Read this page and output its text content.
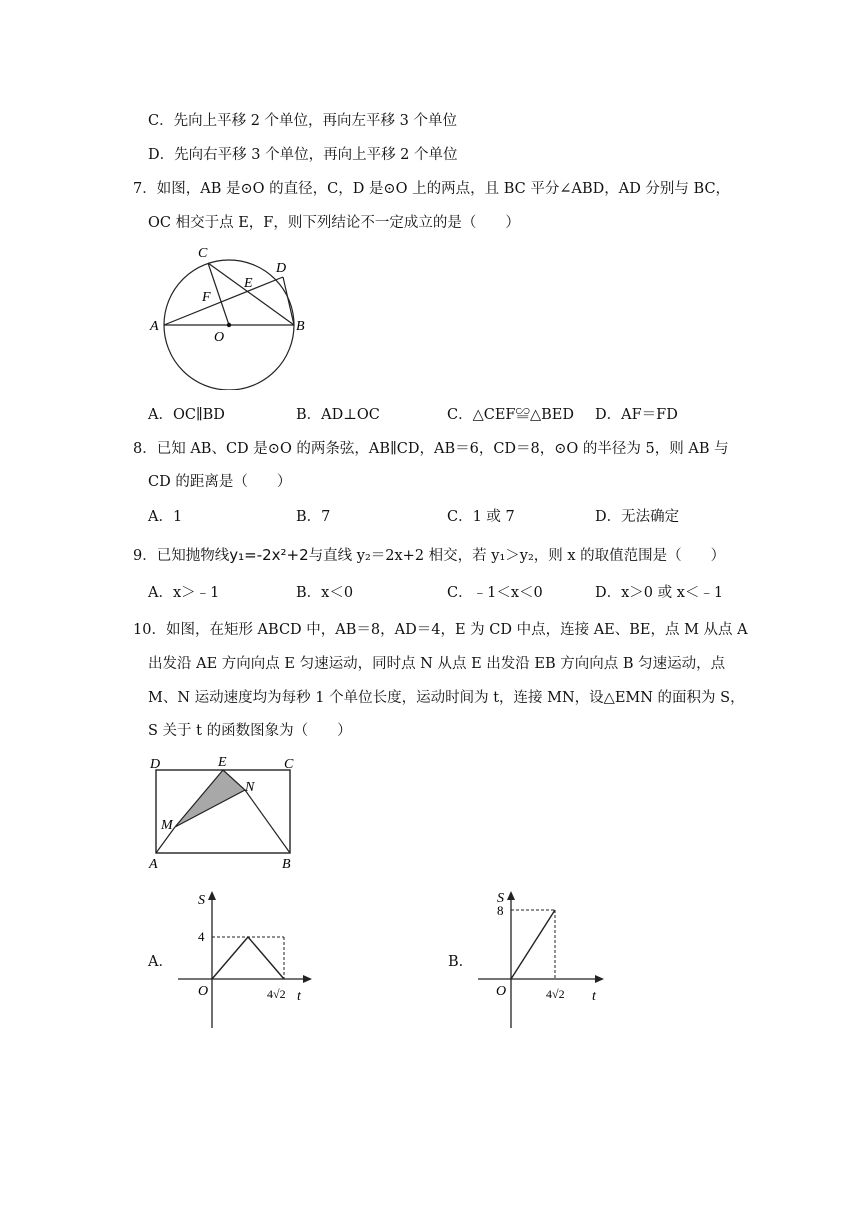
C．先向上平移 2 个单位，再向左平移 3 个单位
D．先向右平移 3 个单位，再向上平移 2 个单位
7．如图，AB 是⊙O 的直径，C，D 是⊙O 上的两点，且 BC 平分∠ABD，AD 分别与 BC，
OC 相交于点 E，F，则下列结论不一定成立的是（　　）
A	B
C
D
E
F
O
A．OC∥BD	B．AD⊥OC	C．△CEF≌△BED D．AF＝FD
8．已知 AB、CD 是⊙O 的两条弦，AB∥CD，AB＝6，CD＝8，⊙O 的半径为 5，则 AB 与
CD 的距离是（　　）
A．1	B．7	C．1 或 7	D．无法确定
9．已知抛物线y₁=-2x²+2与直线 y₂＝2x+2 相交，若 y₁＞y₂，则 x 的取值范围是（　　）
A．x＞﹣1	B．x＜0	C．﹣1＜x＜0	D．x＞0 或 x＜﹣1
10．如图，在矩形 ABCD 中，AB＝8，AD＝4，E 为 CD 中点，连接 AE、BE，点 M 从点 A
出发沿 AE 方向向点 E 匀速运动，同时点 N 从点 E 出发沿 EB 方向向点 B 匀速运动，点
M、N 运动速度均为每秒 1 个单位长度，运动时间为 t，连接 MN，设△EMN 的面积为 S，
S 关于 t 的函数图象为（　　）
A	B
C
D	E
M
N
A．
S
t
O
4
4√2
B．
S
t
O
8
4√2
